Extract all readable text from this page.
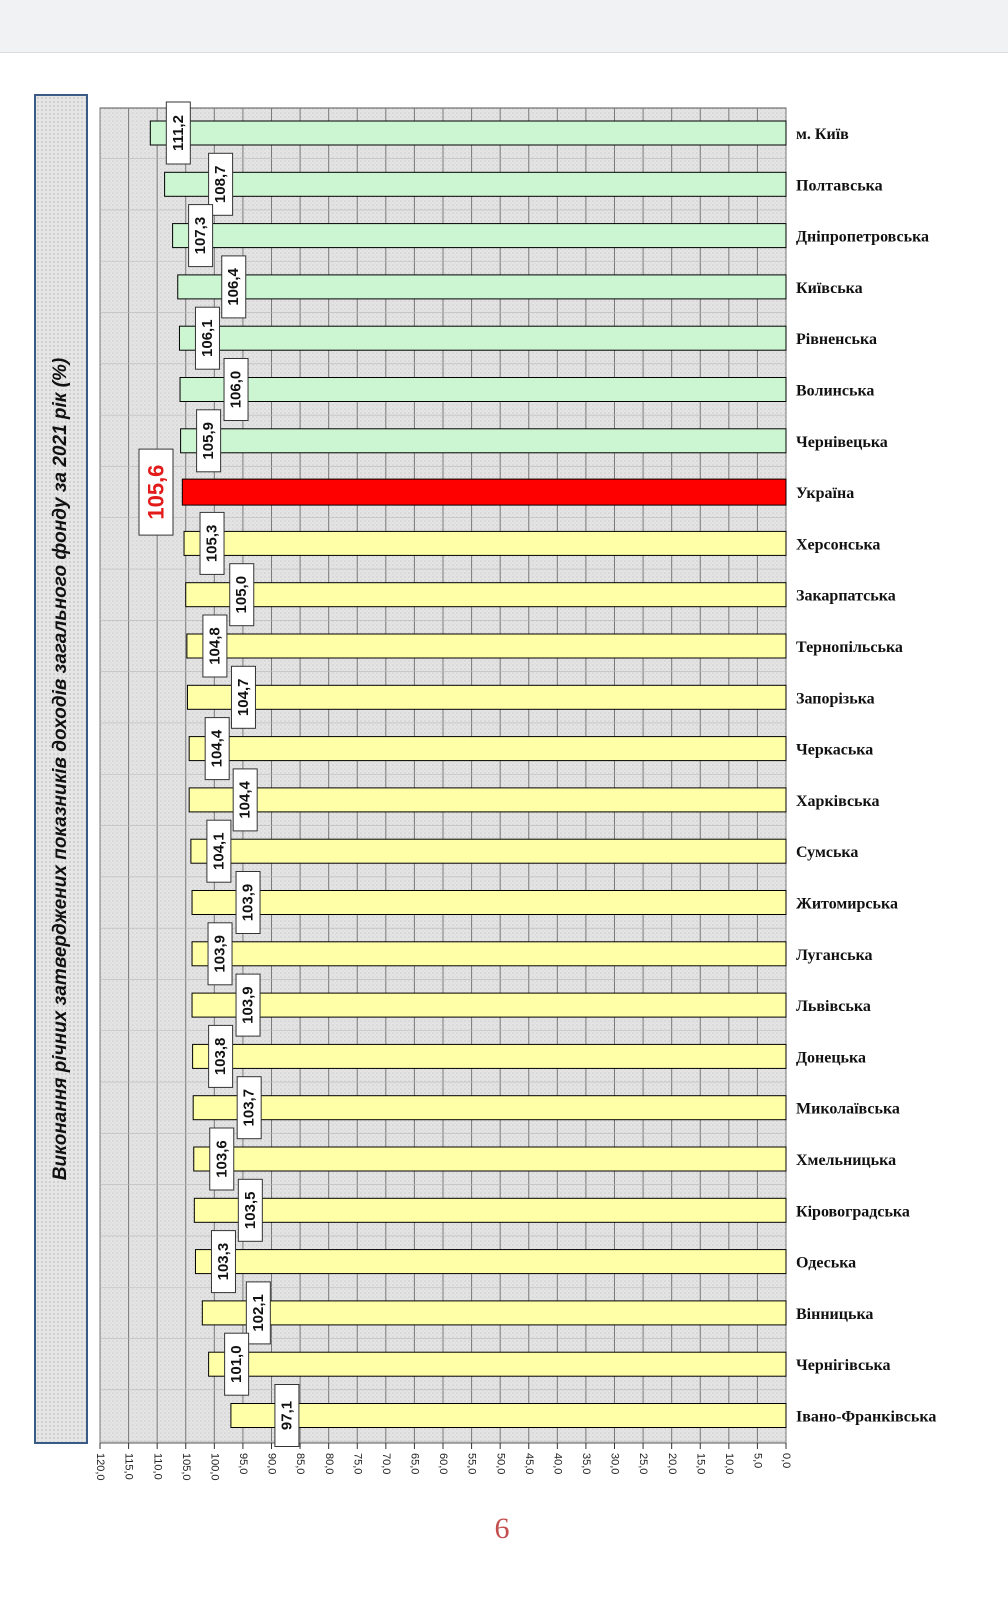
Виконання річних затверджених показників доходів загального фонду за 2021 рік (%)
111,2
108,7
107,3
106,4
106,1
106,0
105,9
105,6
105,3
105,0
104,8
104,7
104,4
104,4
104,1
103,9
103,9
103,9
103,8
103,7
103,6
103,5
103,3
102,1
101,0
97,1
м. Київ
Полтавська
Дніпропетровська
Київська
Рівненська
Волинська
Чернівецька
Україна
Херсонська
Закарпатська
Тернопільська
Запорізька
Черкаська
Харківська
Сумська
Житомирська
Луганська
Львівська
Донецька
Миколаївська
Хмельницька
Кіровоградська
Одеська
Вінницька
Чернігівська
Івано-Франківська
0,0
5,0
10,0
15,0
20,0
25,0
30,0
35,0
40,0
45,0
50,0
55,0
60,0
65,0
70,0
75,0
80,0
85,0
90,0
95,0
100,0
105,0
110,0
115,0
120,0
6
